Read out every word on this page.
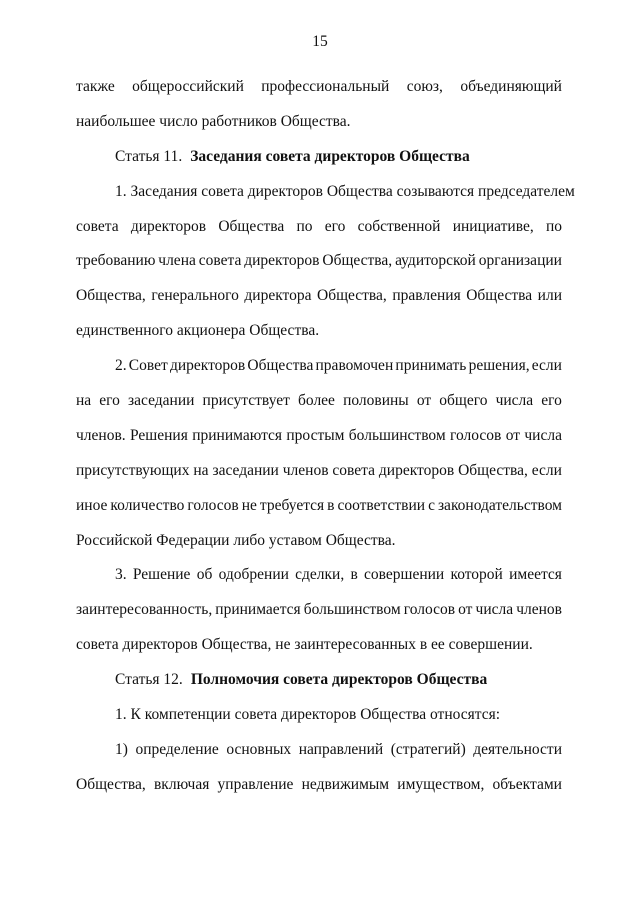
15
также общероссийский профессиональный союз, объединяющий
наибольшее число работников Общества.
Статья 11. Заседания совета директоров Общества
1. Заседания совета директоров Общества созываются председателем
совета директоров Общества по его собственной инициативе, по
требованию члена совета директоров Общества, аудиторской организации
Общества, генерального директора Общества, правления Общества или
единственного акционера Общества.
2. Совет директоров Общества правомочен принимать решения, если
на его заседании присутствует более половины от общего числа его
членов. Решения принимаются простым большинством голосов от числа
присутствующих на заседании членов совета директоров Общества, если
иное количество голосов не требуется в соответствии с законодательством
Российской Федерации либо уставом Общества.
3. Решение об одобрении сделки, в совершении которой имеется
заинтересованность, принимается большинством голосов от числа членов
совета директоров Общества, не заинтересованных в ее совершении.
Статья 12. Полномочия совета директоров Общества
1. К компетенции совета директоров Общества относятся:
1) определение основных направлений (стратегий) деятельности
Общества, включая управление недвижимым имуществом, объектами
